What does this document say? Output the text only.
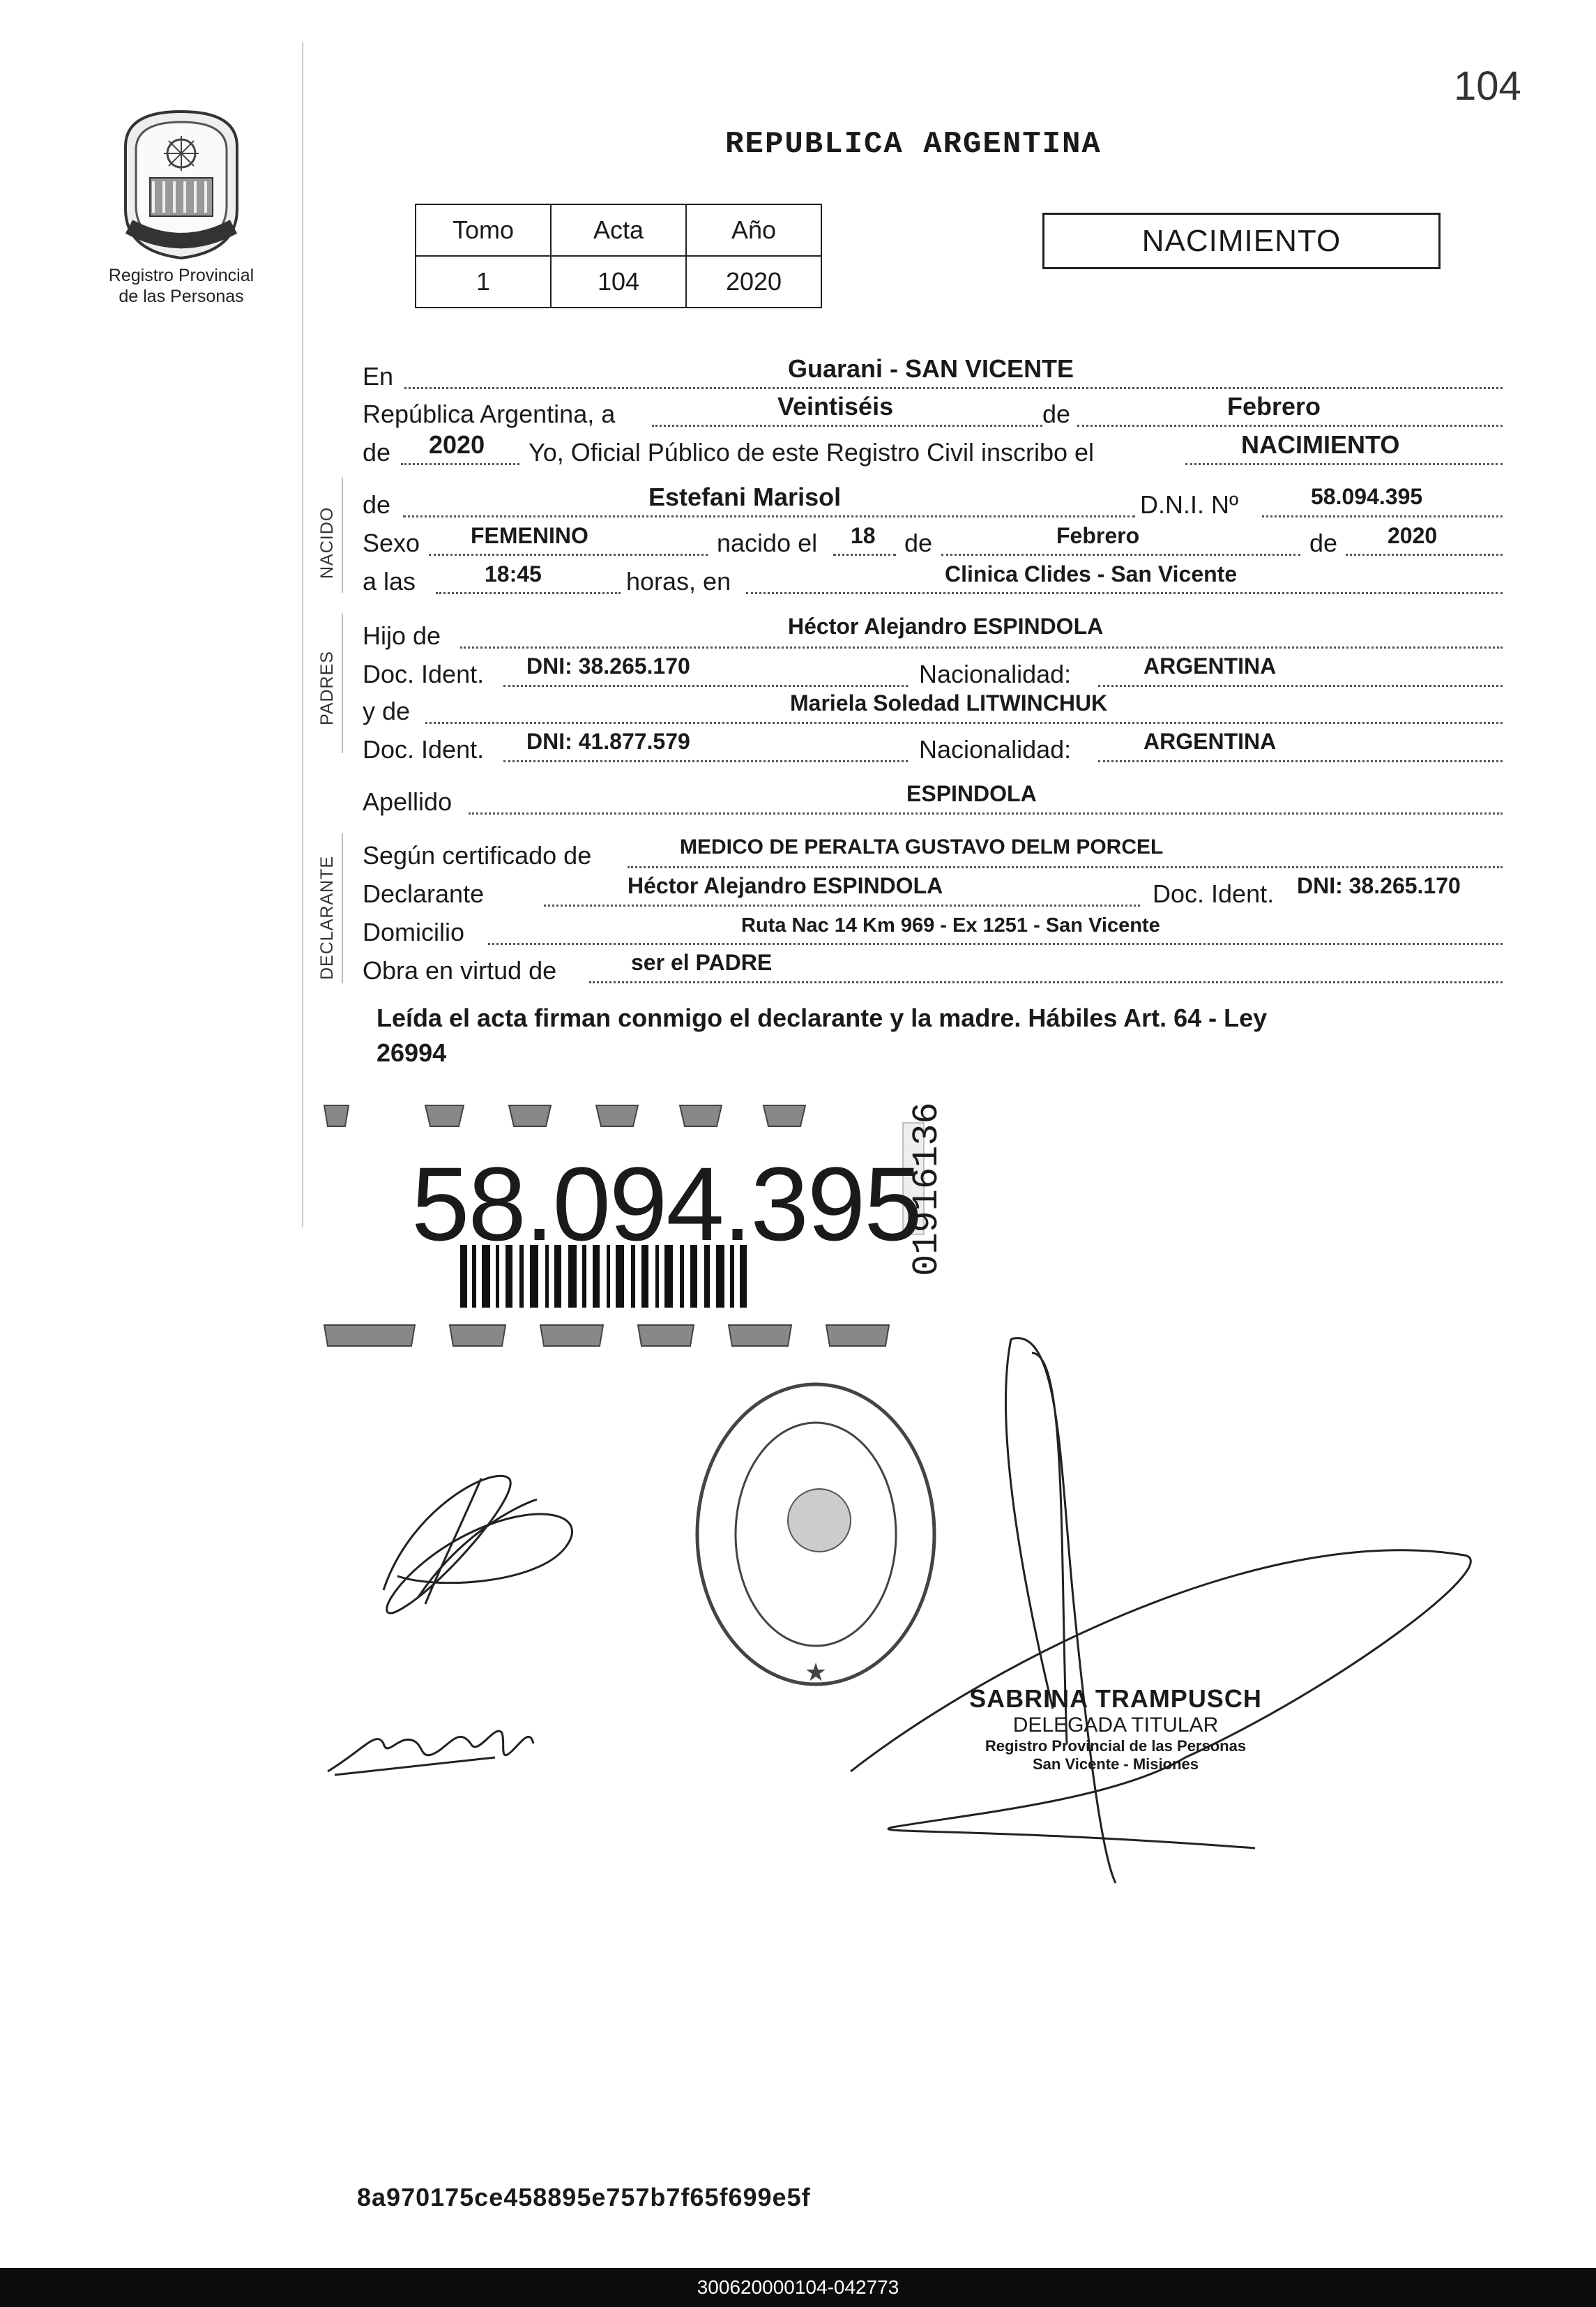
104
Registro Provincial
de las Personas
REPUBLICA ARGENTINA
Tomo	Acta	Año
1	104	2020
NACIMIENTO
NACIDO
PADRES
DECLARANTE
En	Guarani - SAN VICENTE
República Argentina, a	Veintiséis	de	Febrero
de 2020 Yo, Oficial Público de este Registro Civil inscribo el	NACIMIENTO
de	Estefani Marisol	D.N.I. Nº	58.094.395
Sexo FEMENINO	nacido el 18 de	Febrero	de 2020
a las	18:45	horas, en	Clinica Clides - San Vicente
Hijo de	Héctor Alejandro ESPINDOLA
Doc. Ident. DNI: 38.265.170	Nacionalidad:	ARGENTINA
y de	Mariela Soledad LITWINCHUK
Doc. Ident. DNI: 41.877.579	Nacionalidad:	ARGENTINA
Apellido	ESPINDOLA
Según certificado de	MEDICO DE PERALTA GUSTAVO DELM PORCEL
Declarante	Héctor Alejandro ESPINDOLA	Doc. Ident. DNI: 38.265.170
Domicilio	Ruta Nac 14 Km 969 - Ex 1251 - San Vicente
Obra en virtud de	ser el PADRE
Leída el acta firman conmigo el declarante y la madre. Hábiles Art. 64 - Ley
26994
58.094.395
01916136
★
SABRINA TRAMPUSCH
DELEGADA TITULAR
Registro Provincial de las Personas
San Vicente - Misiones
8a970175ce458895e757b7f65f699e5f
300620000104-042773
